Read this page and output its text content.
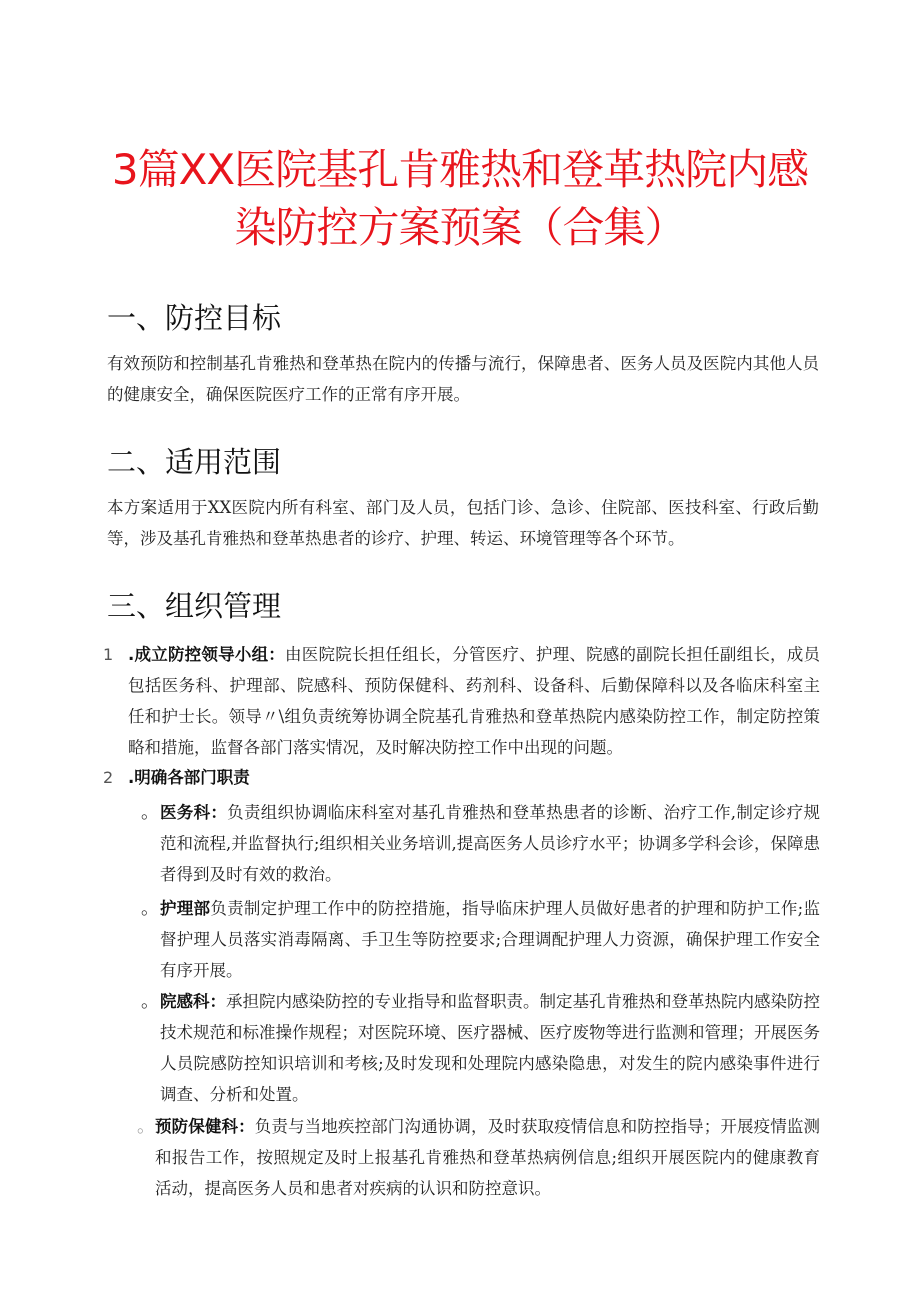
3篇XX医院基孔肯雅热和登革热院内感
染防控方案预案（合集）
一、防控目标

有效预防和控制基孔肯雅热和登革热在院内的传播与流行，保障患者、医务人员及医院内其他人员的健康安全，确保医院医疗工作的正常有序开展。

二、适用范围

本方案适用于XX医院内所有科室、部门及人员，包括门诊、急诊、住院部、医技科室、行政后勤等，涉及基孔肯雅热和登革热患者的诊疗、护理、转运、环境管理等各个环节。

三、组织管理
1 .成立防控领导小组：由医院院长担任组长，分管医疗、护理、院感的副院长担任副组长，成员包括医务科、护理部、院感科、预防保健科、药剂科、设备科、后勤保障科以及各临床科室主任和护士长。领导〃\组负责统筹协调全院基孔肯雅热和登革热院内感染防控工作，制定防控策略和措施，监督各部门落实情况，及时解决防控工作中出现的问题。

2 .明确各部门职责

。 医务科：负责组织协调临床科室对基孔肯雅热和登革热患者的诊断、治疗工作,制定诊疗规范和流程,并监督执行;组织相关业务培训,提高医务人员诊疗水平；协调多学科会诊，保障患者得到及时有效的救治。

。 护理部负责制定护理工作中的防控措施，指导临床护理人员做好患者的护理和防护工作;监督护理人员落实消毒隔离、手卫生等防控要求;合理调配护理人力资源，确保护理工作安全有序开展。

。 院感科：承担院内感染防控的专业指导和监督职责。制定基孔肯雅热和登革热院内感染防控技术规范和标准操作规程；对医院环境、医疗器械、医疗废物等进行监测和管理；开展医务人员院感防控知识培训和考核;及时发现和处理院内感染隐患，对发生的院内感染事件进行调查、分析和处置。

。 预防保健科：负责与当地疾控部门沟通协调，及时获取疫情信息和防控指导；开展疫情监测和报告工作，按照规定及时上报基孔肯雅热和登革热病例信息;组织开展医院内的健康教育活动，提高医务人员和患者对疾病的认识和防控意识。
